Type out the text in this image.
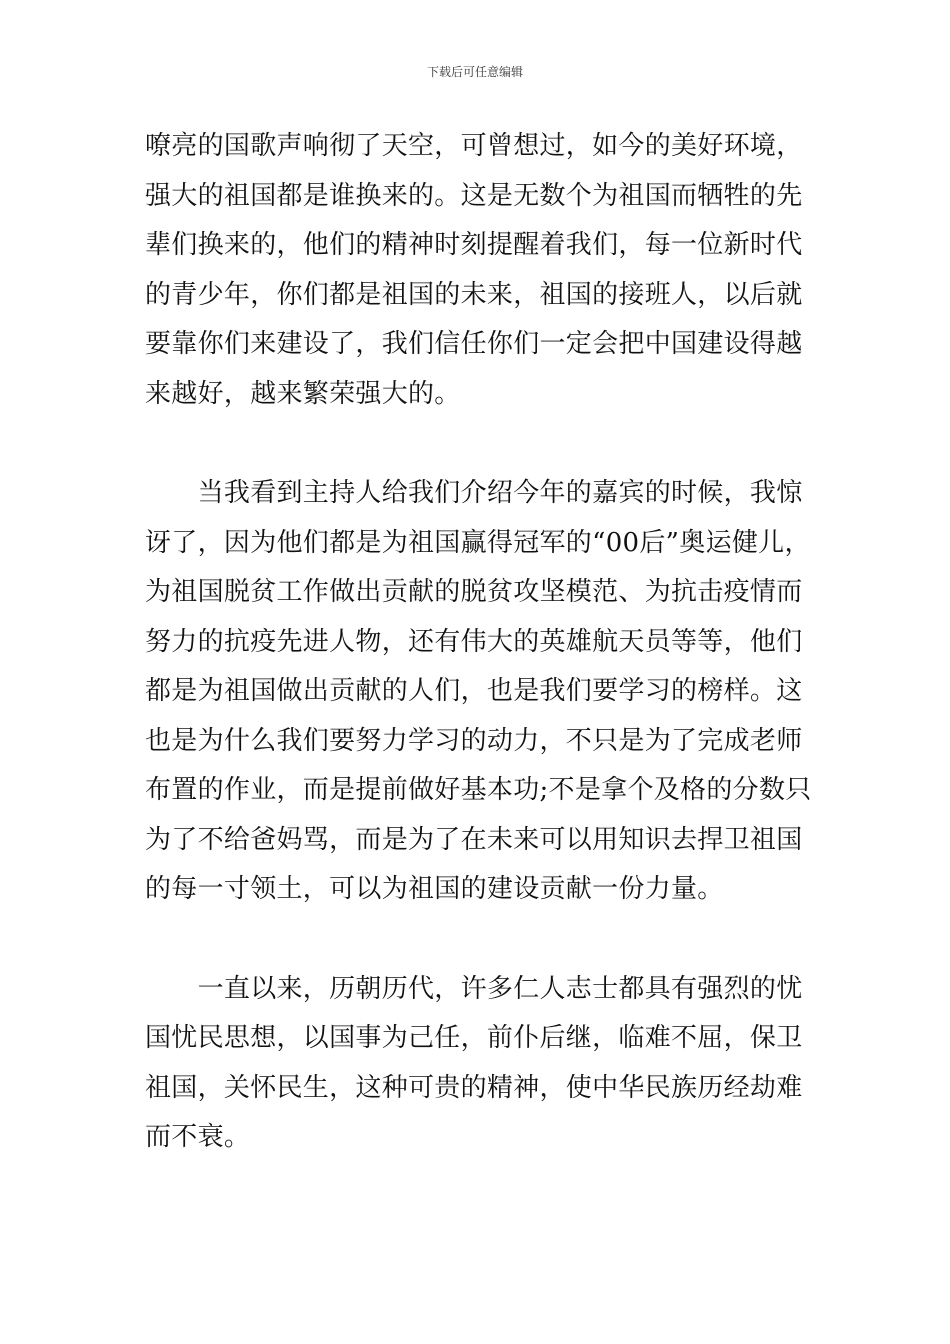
下载后可任意编辑
嘹亮的国歌声响彻了天空，可曾想过，如今的美好环境，
强大的祖国都是谁换来的。这是无数个为祖国而牺牲的先
辈们换来的，他们的精神时刻提醒着我们，每一位新时代
的青少年，你们都是祖国的未来，祖国的接班人，以后就
要靠你们来建设了，我们信任你们一定会把中国建设得越
来越好，越来繁荣强大的。
　　当我看到主持人给我们介绍今年的嘉宾的时候，我惊
讶了，因为他们都是为祖国赢得冠军的“00后”奥运健儿，
为祖国脱贫工作做出贡献的脱贫攻坚模范、为抗击疫情而
努力的抗疫先进人物，还有伟大的英雄航天员等等，他们
都是为祖国做出贡献的人们，也是我们要学习的榜样。这
也是为什么我们要努力学习的动力，不只是为了完成老师
布置的作业，而是提前做好基本功;不是拿个及格的分数只
为了不给爸妈骂，而是为了在未来可以用知识去捍卫祖国
的每一寸领土，可以为祖国的建设贡献一份力量。
　　一直以来，历朝历代，许多仁人志士都具有强烈的忧
国忧民思想，以国事为己任，前仆后继，临难不屈，保卫
祖国，关怀民生，这种可贵的精神，使中华民族历经劫难
而不衰。
